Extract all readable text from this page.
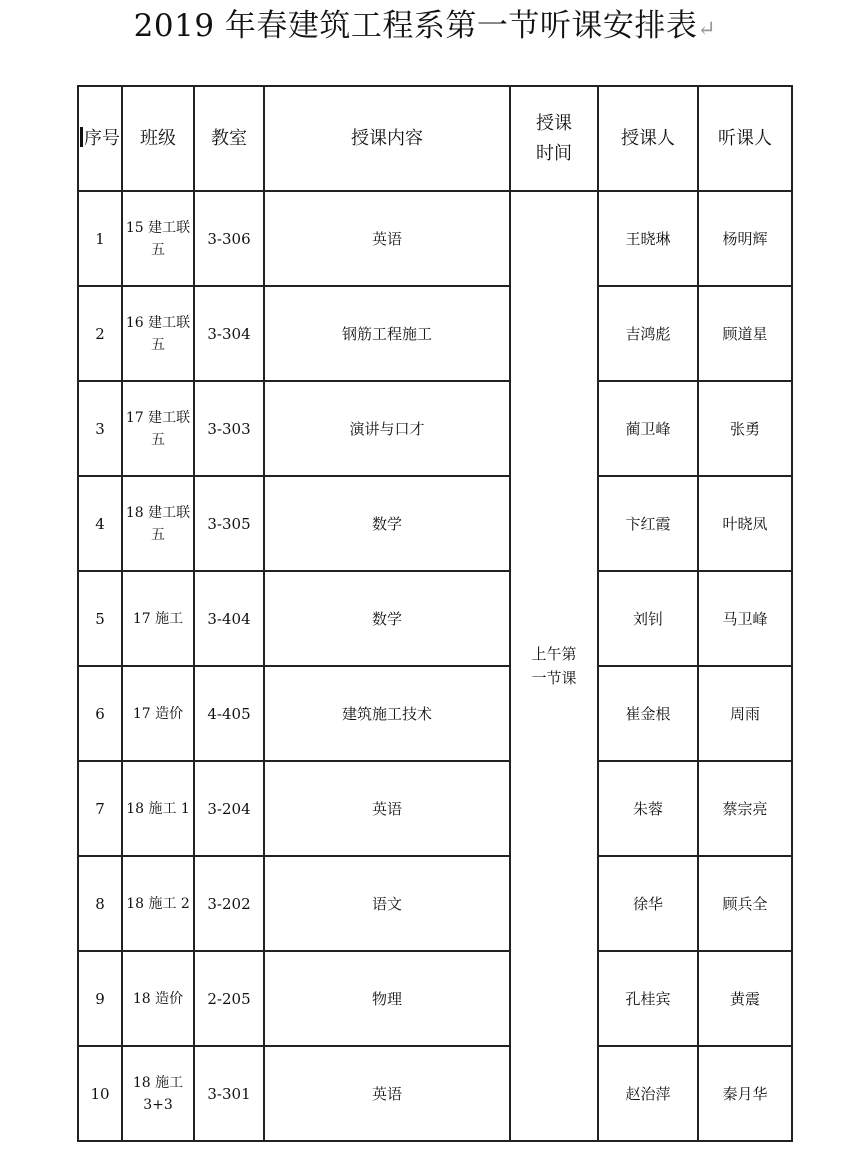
2019 年春建筑工程系第一节听课安排表↵
序号	班级	教室	授课内容	授课时间	授课人	听课人
1	15 建工联五	3-306	英语	上午第一节课	王晓琳	杨明辉
2	16 建工联五	3-304	钢筋工程施工		吉鸿彪	顾道星
3	17 建工联五	3-303	演讲与口才		蔺卫峰	张勇
4	18 建工联五	3-305	数学		卞红霞	叶晓凤
5	17 施工	3-404	数学		刘钊	马卫峰
6	17 造价	4-405	建筑施工技术		崔金根	周雨
7	18 施工 1	3-204	英语		朱蓉	蔡宗亮
8	18 施工 2	3-202	语文		徐华	顾兵全
9	18 造价	2-205	物理		孔桂宾	黄震
10	18 施工 3+3	3-301	英语		赵治萍	秦月华
